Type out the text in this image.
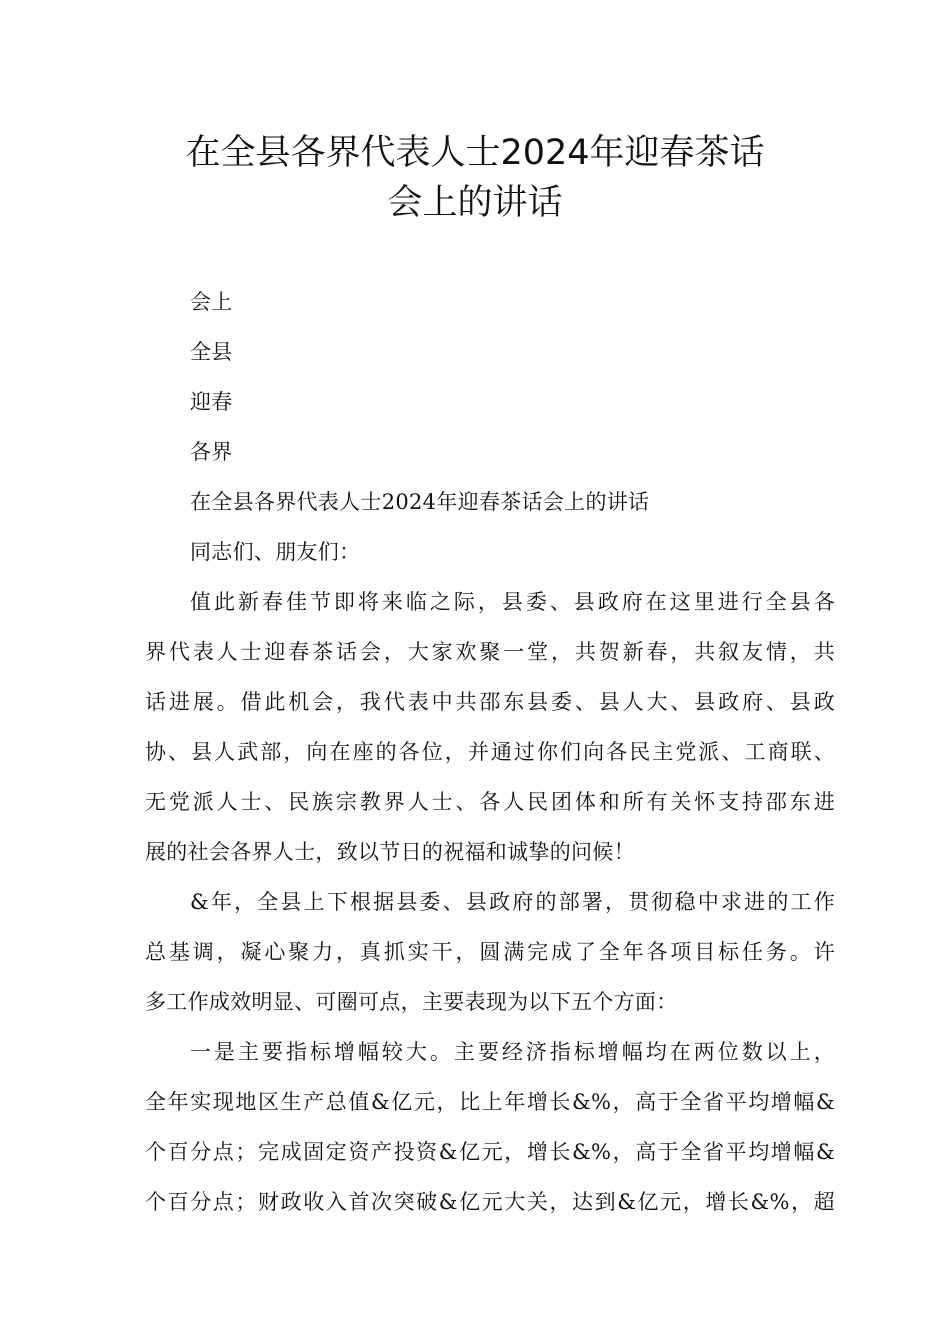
在全县各界代表人士2024年迎春茶话
会上的讲话
会上
全县
迎春
各界
在全县各界代表人士2024年迎春茶话会上的讲话
同志们、朋友们：
值此新春佳节即将来临之际，县委、县政府在这里进行全县各
界代表人士迎春茶话会，大家欢聚一堂，共贺新春，共叙友情，共
话进展。借此机会，我代表中共邵东县委、县人大、县政府、县政
协、县人武部，向在座的各位，并通过你们向各民主党派、工商联、
无党派人士、民族宗教界人士、各人民团体和所有关怀支持邵东进
展的社会各界人士，致以节日的祝福和诚挚的问候！
&年，全县上下根据县委、县政府的部署，贯彻稳中求进的工作
总基调，凝心聚力，真抓实干，圆满完成了全年各项目标任务。许
多工作成效明显、可圈可点，主要表现为以下五个方面：
一是主要指标增幅较大。主要经济指标增幅均在两位数以上，
全年实现地区生产总值&亿元，比上年增长&%，高于全省平均增幅&
个百分点；完成固定资产投资&亿元，增长&%，高于全省平均增幅&
个百分点；财政收入首次突破&亿元大关，达到&亿元，增长&%，超
